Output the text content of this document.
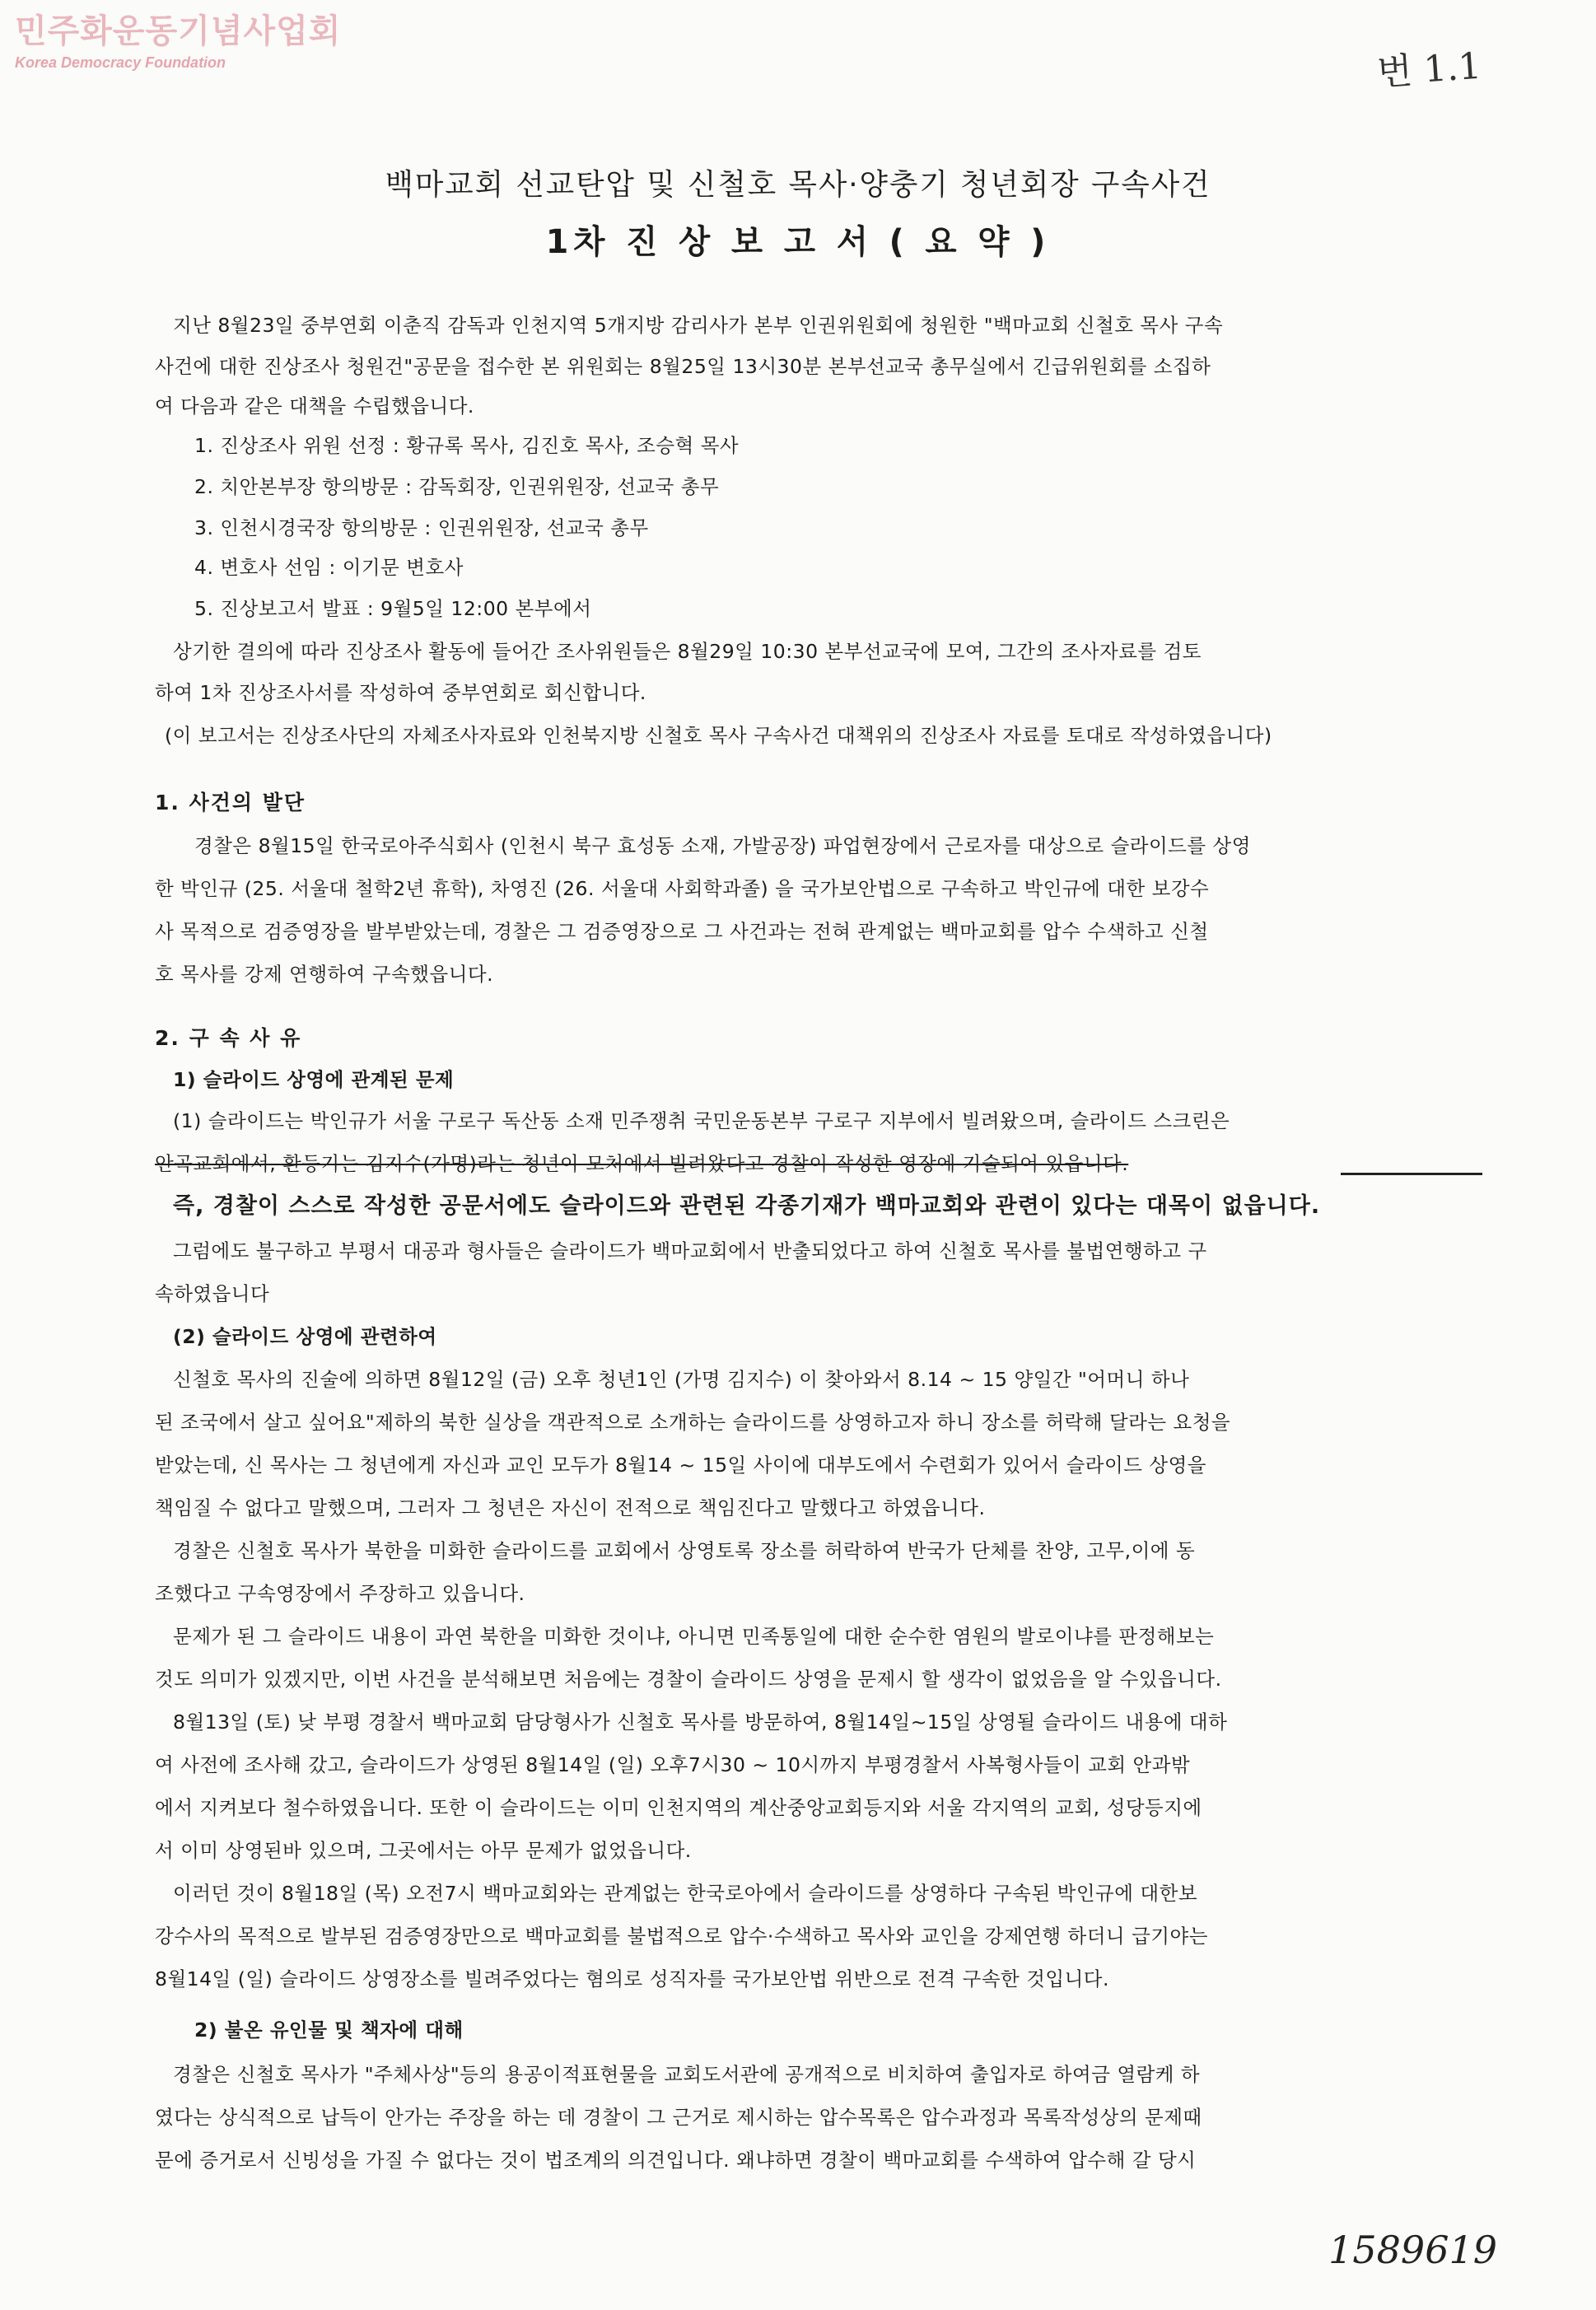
민주화운동기념사업회
Korea Democracy Foundation	번 1.1
백마교회 선교탄압 및 신철호 목사·양충기 청년회장 구속사건
1차 진 상 보 고 서 ( 요 약 )
지난 8월23일 중부연회 이춘직 감독과 인천지역 5개지방 감리사가 본부 인권위원회에 청원한 "백마교회 신철호 목사 구속
사건에 대한 진상조사 청원건"공문을 접수한 본 위원회는 8월25일 13시30분 본부선교국 총무실에서 긴급위원회를 소집하
여 다음과 같은 대책을 수립했읍니다.
1. 진상조사 위원 선정 : 황규록 목사, 김진호 목사, 조승혁 목사
2. 치안본부장 항의방문 : 감독회장, 인권위원장, 선교국 총무
3. 인천시경국장 항의방문 : 인권위원장, 선교국 총무
4. 변호사 선임 : 이기문 변호사
5. 진상보고서 발표 : 9월5일 12:00 본부에서
상기한 결의에 따라 진상조사 활동에 들어간 조사위원들은 8월29일 10:30 본부선교국에 모여, 그간의 조사자료를 검토
하여 1차 진상조사서를 작성하여 중부연회로 회신합니다.
(이 보고서는 진상조사단의 자체조사자료와 인천북지방 신철호 목사 구속사건 대책위의 진상조사 자료를 토대로 작성하였읍니다)
1. 사건의 발단
경찰은 8월15일 한국로아주식회사 (인천시 북구 효성동 소재, 가발공장) 파업현장에서 근로자를 대상으로 슬라이드를 상영
한 박인규 (25. 서울대 철학2년 휴학), 차영진 (26. 서울대 사회학과졸) 을 국가보안법으로 구속하고 박인규에 대한 보강수
사 목적으로 검증영장을 발부받았는데, 경찰은 그 검증영장으로 그 사건과는 전혀 관계없는 백마교회를 압수 수색하고 신철
호 목사를 강제 연행하여 구속했읍니다.
2. 구 속 사 유
1) 슬라이드 상영에 관계된 문제
(1) 슬라이드는 박인규가 서울 구로구 독산동 소재 민주쟁취 국민운동본부 구로구 지부에서 빌려왔으며, 슬라이드 스크린은
안곡교회에서, 환등기는 김지수(가명)라는 청년이 모처에서 빌려왔다고 경찰이 작성한 영장에 기술되어 있읍니다.
즉, 경찰이 스스로 작성한 공문서에도 슬라이드와 관련된 각종기재가 백마교회와 관련이 있다는 대목이 없읍니다.
그럼에도 불구하고 부평서 대공과 형사들은 슬라이드가 백마교회에서 반출되었다고 하여 신철호 목사를 불법연행하고 구
속하였읍니다
(2) 슬라이드 상영에 관련하여
신철호 목사의 진술에 의하면 8월12일 (금) 오후 청년1인 (가명 김지수) 이 찾아와서 8.14 ~ 15 양일간 "어머니 하나
된 조국에서 살고 싶어요"제하의 북한 실상을 객관적으로 소개하는 슬라이드를 상영하고자 하니 장소를 허락해 달라는 요청을
받았는데, 신 목사는 그 청년에게 자신과 교인 모두가 8월14 ~ 15일 사이에 대부도에서 수련회가 있어서 슬라이드 상영을
책임질 수 없다고 말했으며, 그러자 그 청년은 자신이 전적으로 책임진다고 말했다고 하였읍니다.
경찰은 신철호 목사가 북한을 미화한 슬라이드를 교회에서 상영토록 장소를 허락하여 반국가 단체를 찬양, 고무,이에 동
조했다고 구속영장에서 주장하고 있읍니다.
문제가 된 그 슬라이드 내용이 과연 북한을 미화한 것이냐, 아니면 민족통일에 대한 순수한 염원의 발로이냐를 판정해보는
것도 의미가 있겠지만, 이번 사건을 분석해보면 처음에는 경찰이 슬라이드 상영을 문제시 할 생각이 없었음을 알 수있읍니다.
8월13일 (토) 낮 부평 경찰서 백마교회 담당형사가 신철호 목사를 방문하여, 8월14일~15일 상영될 슬라이드 내용에 대하
여 사전에 조사해 갔고, 슬라이드가 상영된 8월14일 (일) 오후7시30 ~ 10시까지 부평경찰서 사복형사들이 교회 안과밖
에서 지켜보다 철수하였읍니다. 또한 이 슬라이드는 이미 인천지역의 계산중앙교회등지와 서울 각지역의 교회, 성당등지에
서 이미 상영된바 있으며, 그곳에서는 아무 문제가 없었읍니다.
이러던 것이 8월18일 (목) 오전7시 백마교회와는 관계없는 한국로아에서 슬라이드를 상영하다 구속된 박인규에 대한보
강수사의 목적으로 발부된 검증영장만으로 백마교회를 불법적으로 압수·수색하고 목사와 교인을 강제연행 하더니 급기야는
8월14일 (일) 슬라이드 상영장소를 빌려주었다는 혐의로 성직자를 국가보안법 위반으로 전격 구속한 것입니다.
2) 불온 유인물 및 책자에 대해
경찰은 신철호 목사가 "주체사상"등의 용공이적표현물을 교회도서관에 공개적으로 비치하여 출입자로 하여금 열람케 하
였다는 상식적으로 납득이 안가는 주장을 하는 데 경찰이 그 근거로 제시하는 압수목록은 압수과정과 목록작성상의 문제때
문에 증거로서 신빙성을 가질 수 없다는 것이 법조계의 의견입니다. 왜냐하면 경찰이 백마교회를 수색하여 압수해 갈 당시
1589619
